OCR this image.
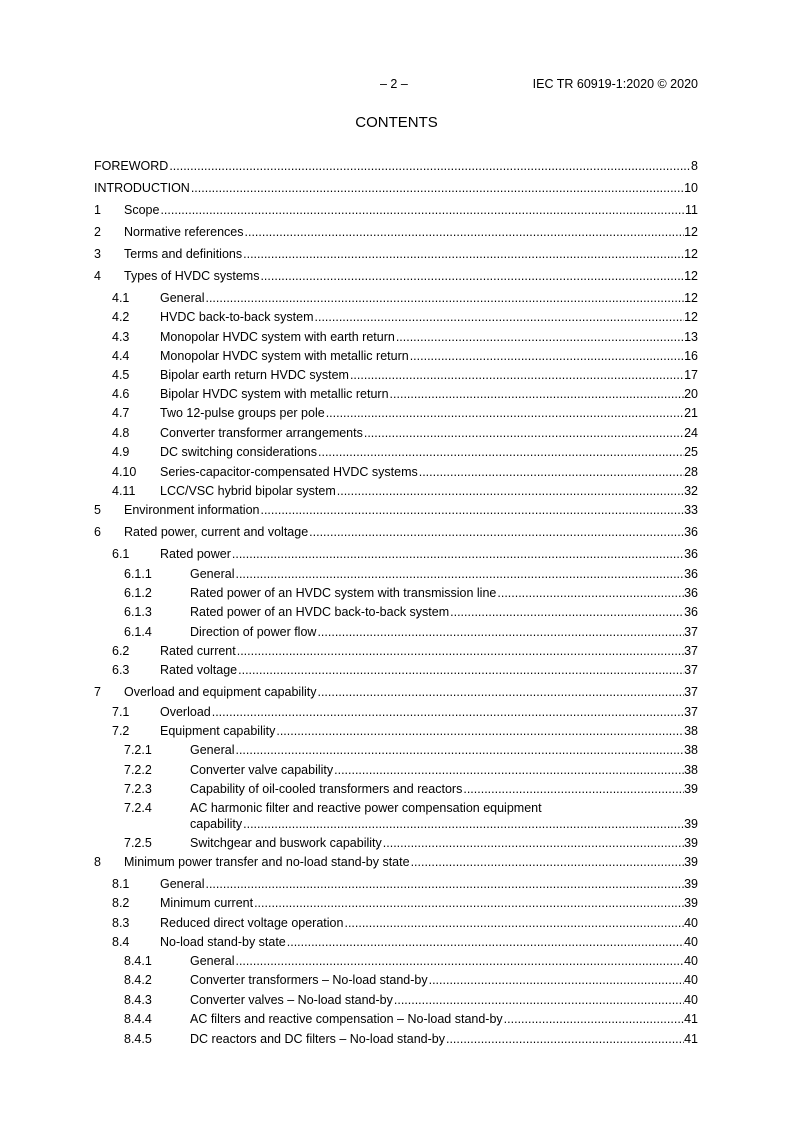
– 2 –	IEC TR 60919-1:2020 © 2020
CONTENTS
FOREWORD .....	8
INTRODUCTION .....	10
1 Scope .....	11
2 Normative references .....	12
3 Terms and definitions .....	12
4 Types of HVDC systems .....	12
4.1 General .....	12
4.2 HVDC back-to-back system .....	12
4.3 Monopolar HVDC system with earth return .....	13
4.4 Monopolar HVDC system with metallic return .....	16
4.5 Bipolar earth return HVDC system .....	17
4.6 Bipolar HVDC system with metallic return .....	20
4.7 Two 12-pulse groups per pole .....	21
4.8 Converter transformer arrangements .....	24
4.9 DC switching considerations .....	25
4.10 Series-capacitor-compensated HVDC systems .....	28
4.11 LCC/VSC hybrid bipolar system .....	32
5 Environment information .....	33
6 Rated power, current and voltage .....	36
6.1 Rated power .....	36
6.1.1	General .....	36
6.1.2	Rated power of an HVDC system with transmission line .....	36
6.1.3	Rated power of an HVDC back-to-back system .....	36
6.1.4	Direction of power flow .....	37
6.2 Rated current .....	37
6.3 Rated voltage .....	37
7 Overload and equipment capability .....	37
7.1 Overload .....	37
7.2 Equipment capability .....	38
7.2.1	General .....	38
7.2.2	Converter valve capability .....	38
7.2.3	Capability of oil-cooled transformers and reactors .....	39
7.2.4	AC harmonic filter and reactive power compensation equipment
capability .....	39
7.2.5	Switchgear and buswork capability .....	39
8 Minimum power transfer and no-load stand-by state .....	39
8.1 General .....	39
8.2 Minimum current .....	39
8.3 Reduced direct voltage operation .....	40
8.4 No-load stand-by state .....	40
8.4.1	General .....	40
8.4.2	Converter transformers – No-load stand-by .....	40
8.4.3	Converter valves – No-load stand-by .....	40
8.4.4	AC filters and reactive compensation – No-load stand-by .....	41
8.4.5	DC reactors and DC filters – No-load stand-by .....	41
